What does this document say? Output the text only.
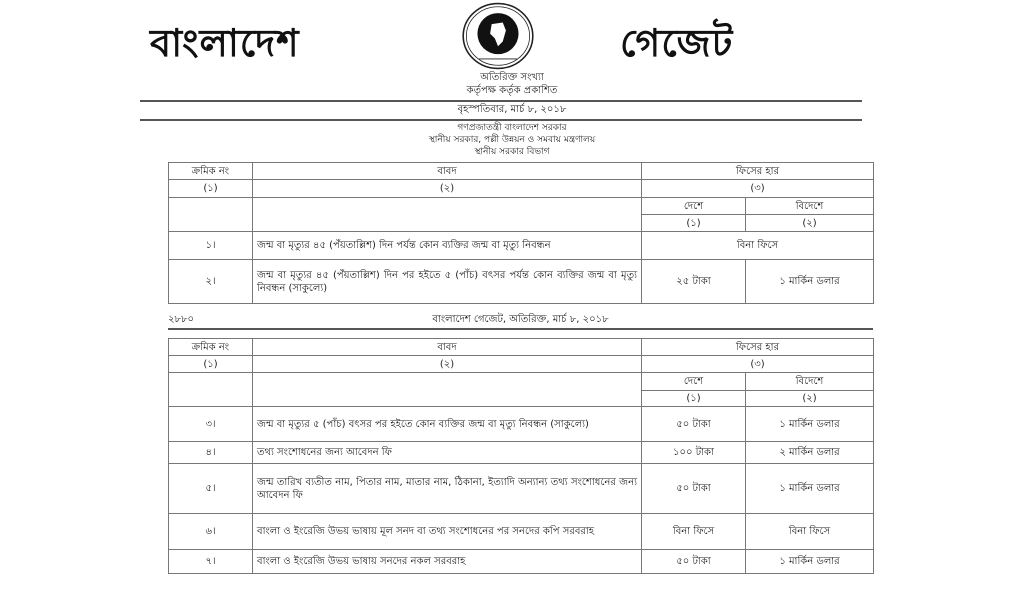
বাংলাদেশ	গেজেট
অতিরিক্ত সংখ্যা
কর্তৃপক্ষ কর্তৃক প্রকাশিত
বৃহস্পতিবার, মার্চ ৮, ২০১৮
গণপ্রজাতন্ত্রী বাংলাদেশ সরকার
স্থানীয় সরকার, পল্লী উন্নয়ন ও সমবায় মন্ত্রণালয়
স্থানীয় সরকার বিভাগ
ক্রমিক নং	বাবদ	ফিসের হার	
(১)	(২)	(৩)	
		দেশে	বিদেশে
		(১)	(২)
১।	জন্ম বা মৃত্যুর ৪৫ (পঁয়তাল্লিশ) দিন পর্যন্ত কোন ব্যক্তির জন্ম বা মৃত্যু নিবন্ধন	বিনা ফিসে	
২।	জন্ম বা মৃত্যুর ৪৫ (পঁয়তাল্লিশ) দিন পর হইতে ৫ (পাঁচ) বৎসর পর্যন্ত কোন ব্যক্তির জন্ম বা মৃত্যু নিবন্ধন (সাকুল্যে)	২৫ টাকা	১ মার্কিন ডলার
২৮৮০	বাংলাদেশ গেজেট, অতিরিক্ত, মার্চ ৮, ২০১৮
ক্রমিক নং	বাবদ	ফিসের হার	
(১)	(২)	(৩)	
		দেশে	বিদেশে
		(১)	(২)
৩।	জন্ম বা মৃত্যুর ৫ (পাঁচ) বৎসর পর হইতে কোন ব্যক্তির জন্ম বা মৃত্যু নিবন্ধন (সাকুল্যে)	৫০ টাকা	১ মার্কিন ডলার
৪।	তথ্য সংশোধনের জন্য আবেদন ফি	১০০ টাকা	২ মার্কিন ডলার
৫।	জন্ম তারিখ ব্যতীত নাম, পিতার নাম, মাতার নাম, ঠিকানা, ইত্যাদি অন্যান্য তথ্য সংশোধনের জন্য আবেদন ফি	৫০ টাকা	১ মার্কিন ডলার
৬।	বাংলা ও ইংরেজি উভয় ভাষায় মূল সনদ বা তথ্য সংশোধনের পর সনদের কপি সরবরাহ	বিনা ফিসে	বিনা ফিসে
৭।	বাংলা ও ইংরেজি উভয় ভাষায় সনদের নকল সরবরাহ	৫০ টাকা	১ মার্কিন ডলার
